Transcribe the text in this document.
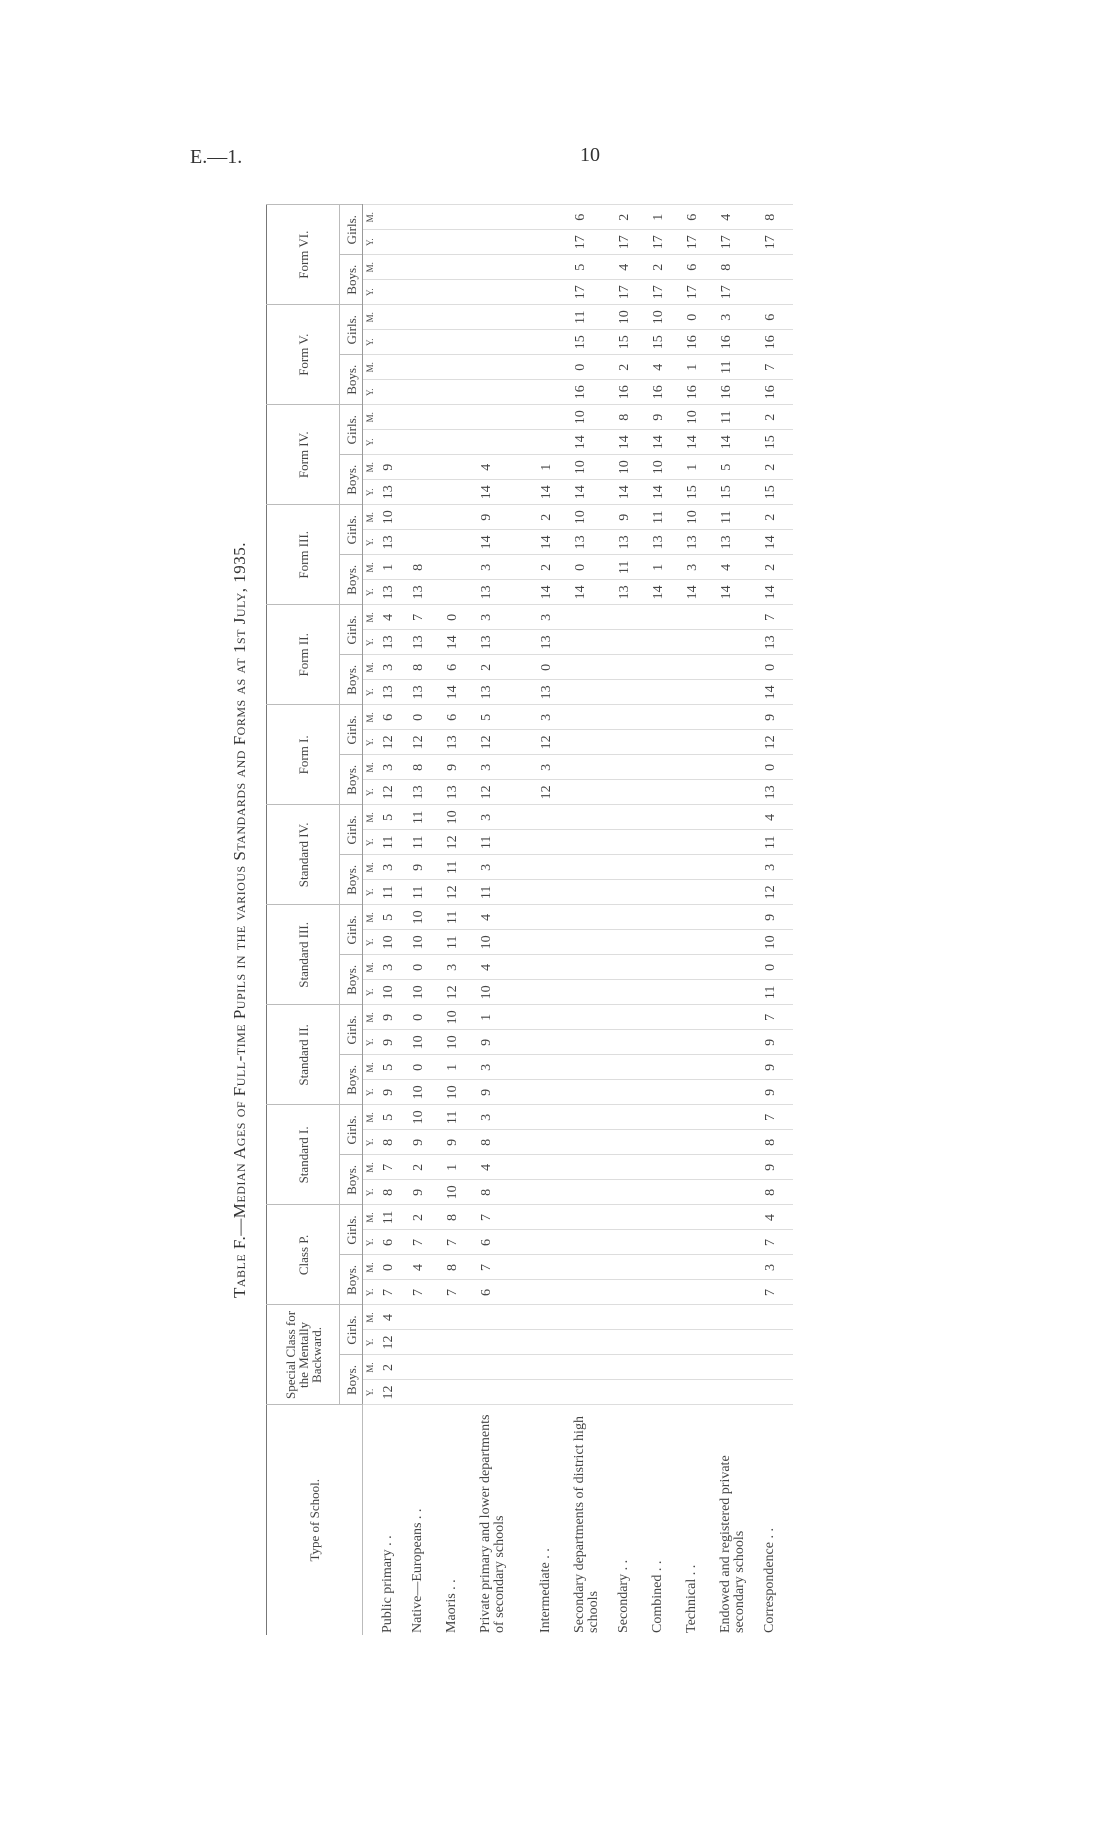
E.—1.	10
Table F.—Median Ages of Full-time Pupils in the various Standards and Forms as at 1st July, 1935.
Type of School.	Special Class for the Mentally Backward.				Class P.				Standard I.				Standard II.				Standard III.				Standard IV.				Form I.				Form II.				Form III.				Form IV.				Form V.				Form VI.			
	Boys.		Girls.		Boys.		Girls.		Boys.		Girls.		Boys.		Girls.		Boys.		Girls.		Boys.		Girls.		Boys.		Girls.		Boys.		Girls.		Boys.		Girls.		Boys.		Girls.		Boys.		Girls.		Boys.		Girls.	
	Y.	M.	Y.	M.	Y.	M.	Y.	M.	Y.	M.	Y.	M.	Y.	M.	Y.	M.	Y.	M.	Y.	M.	Y.	M.	Y.	M.	Y.	M.	Y.	M.	Y.	M.	Y.	M.	Y.	M.	Y.	M.	Y.	M.	Y.	M.	Y.	M.	Y.	M.	Y.	M.	Y.	M.
Public primary . .	12	2	12	4	7	0	6	11	8	7	8	5	9	5	9	9	10	3	10	5	11	3	11	5	12	3	12	6	13	3	13	4	13	1	13	10	13	9										
Native—Europeans . .					7	4	7	2	9	2	9	10	10	0	10	0	10	0	10	10	11	9	11	11	13	8	12	0	13	8	13	7	13	8														
Maoris . .					7	8	7	8	10	1	9	11	10	1	10	10	12	3	11	11	12	11	12	10	13	9	13	6	14	6	14	0																
Private primary and lower departments of secondary schools					6	7	6	7	8	4	8	3	9	3	9	1	10	4	10	4	11	3	11	3	12	3	12	5	13	2	13	3	13	3	14	9	14	4										
Intermediate . .																									12	3	12	3	13	0	13	3	14	2	14	2	14	1										
Secondary departments of district high schools																																	14	0	13	10	14	10	14	10	16	0	15	11	17	5	17	6
Secondary . .																																	13	11	13	9	14	10	14	8	16	2	15	10	17	4	17	2
Combined . .																																	14	1	13	11	14	10	14	9	16	4	15	10	17	2	17	1
Technical . .																																	14	3	13	10	15	1	14	10	16	1	16	0	17	6	17	6
Endowed and registered private secondary schools																																	14	4	13	11	15	5	14	11	16	11	16	3	17	8	17	4
Correspondence . .					7	3	7	4	8	9	8	7	9	9	9	7	11	0	10	9	12	3	11	4	13	0	12	9	14	0	13	7	14	2	14	2	15	2	15	2	16	7	16	6			17	8
